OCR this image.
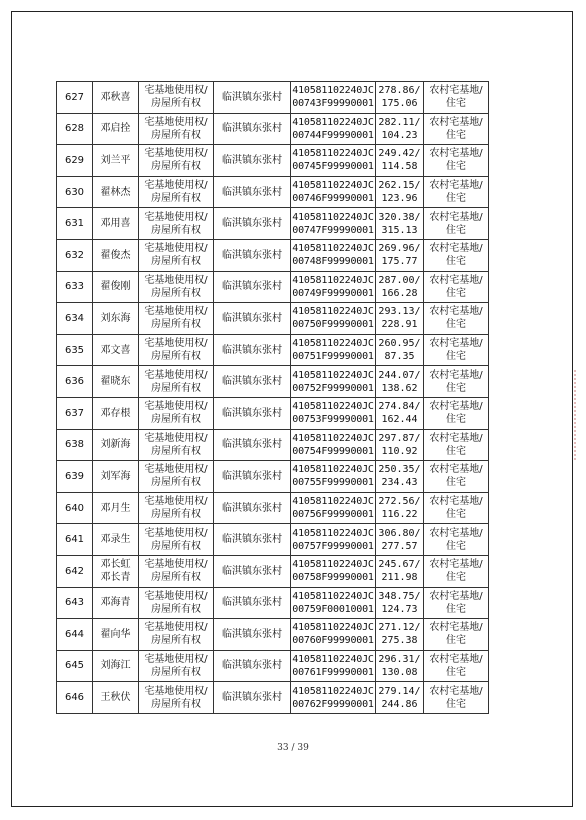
627	邓秋喜	宅基地使用权/
房屋所有权	临淇镇东张村	410581102240JC
00743F99990001	278.86/
175.06	农村宅基地/
住宅

628	邓启拴	宅基地使用权/
房屋所有权	临淇镇东张村	410581102240JC
00744F99990001	282.11/
104.23	农村宅基地/
住宅

629	刘兰平	宅基地使用权/
房屋所有权	临淇镇东张村	410581102240JC
00745F99990001	249.42/
114.58	农村宅基地/
住宅

630	翟林杰	宅基地使用权/
房屋所有权	临淇镇东张村	410581102240JC
00746F99990001	262.15/
123.96	农村宅基地/
住宅

631	邓用喜	宅基地使用权/
房屋所有权	临淇镇东张村	410581102240JC
00747F99990001	320.38/
315.13	农村宅基地/
住宅

632	翟俊杰	宅基地使用权/
房屋所有权	临淇镇东张村	410581102240JC
00748F99990001	269.96/
175.77	农村宅基地/
住宅

633	翟俊刚	宅基地使用权/
房屋所有权	临淇镇东张村	410581102240JC
00749F99990001	287.00/
166.28	农村宅基地/
住宅

634	刘东海	宅基地使用权/
房屋所有权	临淇镇东张村	410581102240JC
00750F99990001	293.13/
228.91	农村宅基地/
住宅

635	邓文喜	宅基地使用权/
房屋所有权	临淇镇东张村	410581102240JC
00751F99990001	260.95/
87.35	农村宅基地/
住宅

636	翟晓东	宅基地使用权/
房屋所有权	临淇镇东张村	410581102240JC
00752F99990001	244.07/
138.62	农村宅基地/
住宅

637	邓存根	宅基地使用权/
房屋所有权	临淇镇东张村	410581102240JC
00753F99990001	274.84/
162.44	农村宅基地/
住宅

638	刘新海	宅基地使用权/
房屋所有权	临淇镇东张村	410581102240JC
00754F99990001	297.87/
110.92	农村宅基地/
住宅

639	刘军海	宅基地使用权/
房屋所有权	临淇镇东张村	410581102240JC
00755F99990001	250.35/
234.43	农村宅基地/
住宅

640	邓月生	宅基地使用权/
房屋所有权	临淇镇东张村	410581102240JC
00756F99990001	272.56/
116.22	农村宅基地/
住宅

641	邓录生	宅基地使用权/
房屋所有权	临淇镇东张村	410581102240JC
00757F99990001	306.80/
277.57	农村宅基地/
住宅

642	邓长虹
邓长青	宅基地使用权/
房屋所有权	临淇镇东张村	410581102240JC
00758F99990001	245.67/
211.98	农村宅基地/
住宅

643	邓海青	宅基地使用权/
房屋所有权	临淇镇东张村	410581102240JC
00759F00010001	348.75/
124.73	农村宅基地/
住宅

644	翟向华	宅基地使用权/
房屋所有权	临淇镇东张村	410581102240JC
00760F99990001	271.12/
275.38	农村宅基地/
住宅

645	刘海江	宅基地使用权/
房屋所有权	临淇镇东张村	410581102240JC
00761F99990001	296.31/
130.08	农村宅基地/
住宅

646	王秋伏	宅基地使用权/
房屋所有权	临淇镇东张村	410581102240JC
00762F99990001	279.14/
244.86	农村宅基地/
住宅
33 / 39
